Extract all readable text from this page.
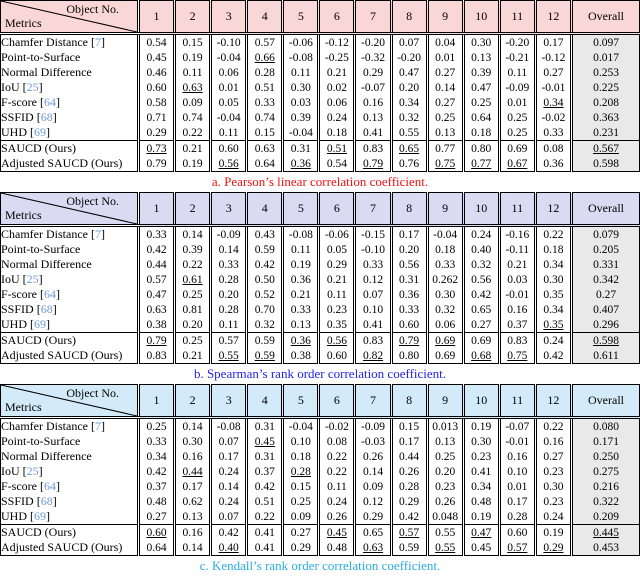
Object No.
Metrics	1	2	3	4	5	6	7	8	9	10	11	12	Overall
Chamfer Distance [7]	0.54	0.15	-0.10	0.57	-0.06	-0.12	-0.20	0.07	0.04	0.30	-0.20	0.17	0.097
Point-to-Surface	0.45	0.19	-0.04	0.66	-0.08	-0.25	-0.32	-0.20	0.01	0.13	-0.21	-0.12	0.017
Normal Difference	0.46	0.11	0.06	0.28	0.11	0.21	0.29	0.47	0.27	0.39	0.11	0.27	0.253
IoU [25]	0.60	0.63	0.01	0.51	0.30	0.02	-0.07	0.20	0.14	0.47	-0.09	-0.01	0.225
F-score [64]	0.58	0.09	0.05	0.33	0.03	0.06	0.16	0.34	0.27	0.25	0.01	0.34	0.208
SSFID [68]	0.71	0.74	-0.04	0.74	0.39	0.24	0.13	0.32	0.25	0.64	0.25	-0.02	0.363
UHD [69]	0.29	0.22	0.11	0.15	-0.04	0.18	0.41	0.55	0.13	0.18	0.25	0.33	0.231
SAUCD (Ours)	0.73	0.21	0.60	0.63	0.31	0.51	0.83	0.65	0.77	0.80	0.69	0.08	0.567
Adjusted SAUCD (Ours)	0.79	0.19	0.56	0.64	0.36	0.54	0.79	0.76	0.75	0.77	0.67	0.36	0.598
a. Pearson’s linear correlation coefficient.
Object No.
Metrics	1	2	3	4	5	6	7	8	9	10	11	12	Overall
Chamfer Distance [7]	0.33	0.14	-0.09	0.43	-0.08	-0.06	-0.15	0.17	-0.04	0.24	-0.16	0.22	0.079
Point-to-Surface	0.42	0.39	0.14	0.59	0.11	0.05	-0.10	0.20	0.18	0.40	-0.11	0.18	0.205
Normal Difference	0.44	0.22	0.33	0.42	0.19	0.29	0.33	0.56	0.33	0.32	0.21	0.34	0.331
IoU [25]	0.57	0.61	0.28	0.50	0.36	0.21	0.12	0.31	0.262	0.56	0.03	0.30	0.342
F-score [64]	0.47	0.25	0.20	0.52	0.21	0.11	0.07	0.36	0.30	0.42	-0.01	0.35	0.27
SSFID [68]	0.63	0.81	0.28	0.70	0.33	0.23	0.10	0.33	0.32	0.65	0.16	0.34	0.407
UHD [69]	0.38	0.20	0.11	0.32	0.13	0.35	0.41	0.60	0.06	0.27	0.37	0.35	0.296
SAUCD (Ours)	0.79	0.25	0.57	0.59	0.36	0.56	0.83	0.79	0.69	0.69	0.83	0.24	0.598
Adjusted SAUCD (Ours)	0.83	0.21	0.55	0.59	0.38	0.60	0.82	0.80	0.69	0.68	0.75	0.42	0.611
b. Spearman’s rank order correlation coefficient.
Object No.
Metrics	1	2	3	4	5	6	7	8	9	10	11	12	Overall
Chamfer Distance [7]	0.25	0.14	-0.08	0.31	-0.04	-0.02	-0.09	0.15	0.013	0.19	-0.07	0.22	0.080
Point-to-Surface	0.33	0.30	0.07	0.45	0.10	0.08	-0.03	0.17	0.13	0.30	-0.01	0.16	0.171
Normal Difference	0.34	0.16	0.17	0.31	0.18	0.22	0.26	0.44	0.25	0.23	0.16	0.27	0.250
IoU [25]	0.42	0.44	0.24	0.37	0.28	0.22	0.14	0.26	0.20	0.41	0.10	0.23	0.275
F-score [64]	0.37	0.17	0.14	0.42	0.15	0.11	0.09	0.28	0.23	0.34	0.01	0.30	0.216
SSFID [68]	0.48	0.62	0.24	0.51	0.25	0.24	0.12	0.29	0.26	0.48	0.17	0.23	0.322
UHD [69]	0.27	0.13	0.07	0.22	0.09	0.26	0.29	0.42	0.048	0.19	0.28	0.24	0.209
SAUCD (Ours)	0.60	0.16	0.42	0.41	0.27	0.45	0.65	0.57	0.55	0.47	0.60	0.19	0.445
Adjusted SAUCD (Ours)	0.64	0.14	0.40	0.41	0.29	0.48	0.63	0.59	0.55	0.45	0.57	0.29	0.453
c. Kendall’s rank order correlation coefficient.
